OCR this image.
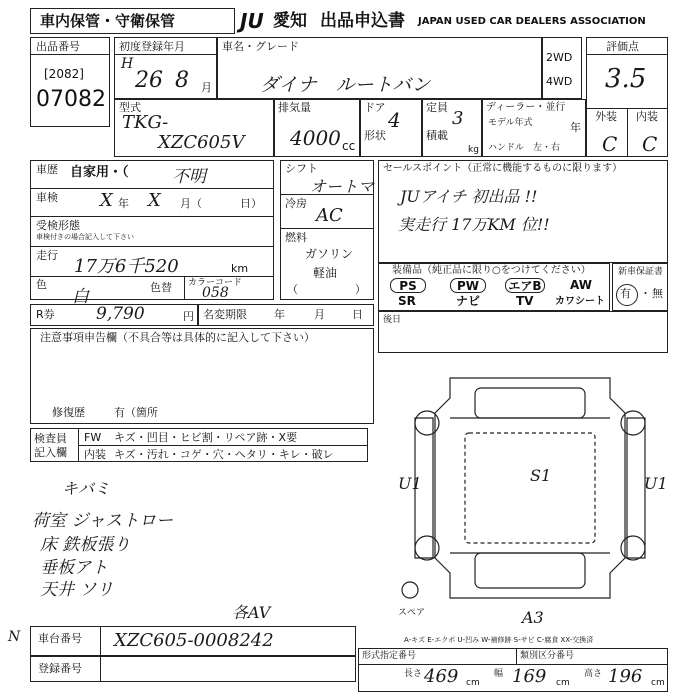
車内保管・守衛保管	JU 愛知 出品申込書 JAPAN USED CAR DEALERS ASSOCIATION
出品番号
[2082]
07082
初度登録年月
H
26 8 月
車名・グレード
ダイナ　ルートバン
2WD
4WD
評価点
3.5
外装 内装
C C
型式
TKG-
XZC605V
排気量
4000 cc
ドア
4
形状
定員
3
積載
kg
ディーラー・並行
モデル年式	年
ハンドル　左・右
車歴 自家用・（	不明
車検 X 年 X 月（	日）
受検形態
車検付きの場合記入して下さい
走行
17万6千520	km
色
白	色替 カラーコード
058
R券 9,790	円 名変期限 年	月 日
シフト
オートマ
冷房
AC
燃料
ガソリン
軽油
（	）
セールスポイント（正常に機能するものに限ります）
JUアイチ 初出品 !!
実走行 17万KM 位!!
装備品（純正品に限り○をつけてください）
PS	PW	エアB AW
SR	ナビ	TV カワシート
新車保証書
有 ・ 無
注意事項申告欄（不具合等は具体的に記入して下さい）
修復歴	有（箇所
後日
検査員記入欄
FW キズ・凹目・ヒビ割・リペア跡・X要
内装 キズ・汚れ・コゲ・穴・ヘタリ・キレ・破レ
キバミ
荷室 ジャストロー
床 鉄板張り
垂板アト
天井 ソリ
各AV
U1	S1	U1
A3
スペア
A-キズ E-エクボ U-凹み W-補修跡 S-サビ C-腐食 XX-交換済
N 車台番号 XZC605-0008242
登録番号
形式指定番号	類別区分番号
長さ 469 cm
幅 169 cm
高さ 196 cm
